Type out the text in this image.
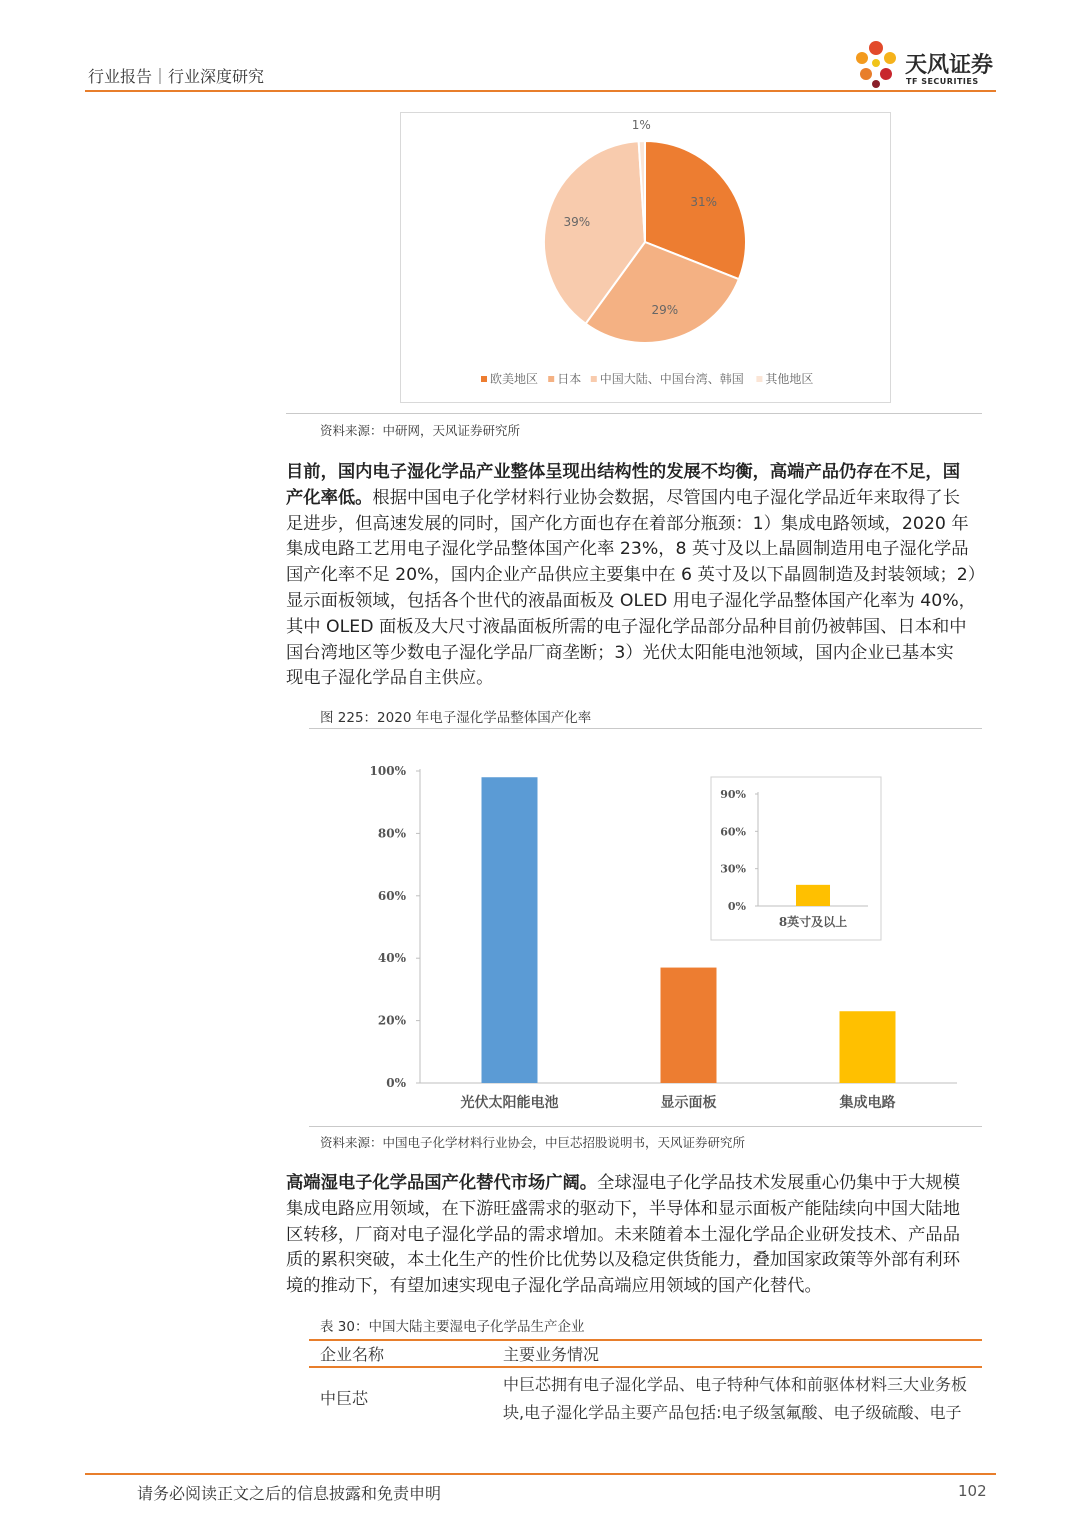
行业报告｜行业深度研究	天风证券
TF SECURITIES
31%
29%
39%
1%
欧美地区 日本 中国大陆、中国台湾、韩国 其他地区
资料来源：中研网，天风证券研究所
目前，国内电子湿化学品产业整体呈现出结构性的发展不均衡，高端产品仍存在不足，国
产化率低。根据中国电子化学材料行业协会数据，尽管国内电子湿化学品近年来取得了长
足进步，但高速发展的同时，国产化方面也存在着部分瓶颈：1）集成电路领域，2020 年
集成电路工艺用电子湿化学品整体国产化率 23%，8 英寸及以上晶圆制造用电子湿化学品
国产化率不足 20%，国内企业产品供应主要集中在 6 英寸及以下晶圆制造及封装领域；2）
显示面板领域，包括各个世代的液晶面板及 OLED 用电子湿化学品整体国产化率为 40%，
其中 OLED 面板及大尺寸液晶面板所需的电子湿化学品部分品种目前仍被韩国、日本和中
国台湾地区等少数电子湿化学品厂商垄断；3）光伏太阳能电池领域，国内企业已基本实
现电子湿化学品自主供应。
图 225：2020 年电子湿化学品整体国产化率
0%
20%
40%
60%
80%
100%
光伏太阳能电池	显示面板	集成电路
0%
30%
60%
90%
8英寸及以上
资料来源：中国电子化学材料行业协会，中巨芯招股说明书，天风证券研究所
高端湿电子化学品国产化替代市场广阔。全球湿电子化学品技术发展重心仍集中于大规模
集成电路应用领域，在下游旺盛需求的驱动下，半导体和显示面板产能陆续向中国大陆地
区转移，厂商对电子湿化学品的需求增加。未来随着本土湿化学品企业研发技术、产品品
质的累积突破，本土化生产的性价比优势以及稳定供货能力，叠加国家政策等外部有利环
境的推动下，有望加速实现电子湿化学品高端应用领域的国产化替代。
表 30：中国大陆主要湿电子化学品生产企业
企业名称	主要业务情况
中巨芯
中巨芯拥有电子湿化学品、电子特种气体和前驱体材料三大业务板
块,电子湿化学品主要产品包括:电子级氢氟酸、电子级硫酸、电子
请务必阅读正文之后的信息披露和免责申明	102
